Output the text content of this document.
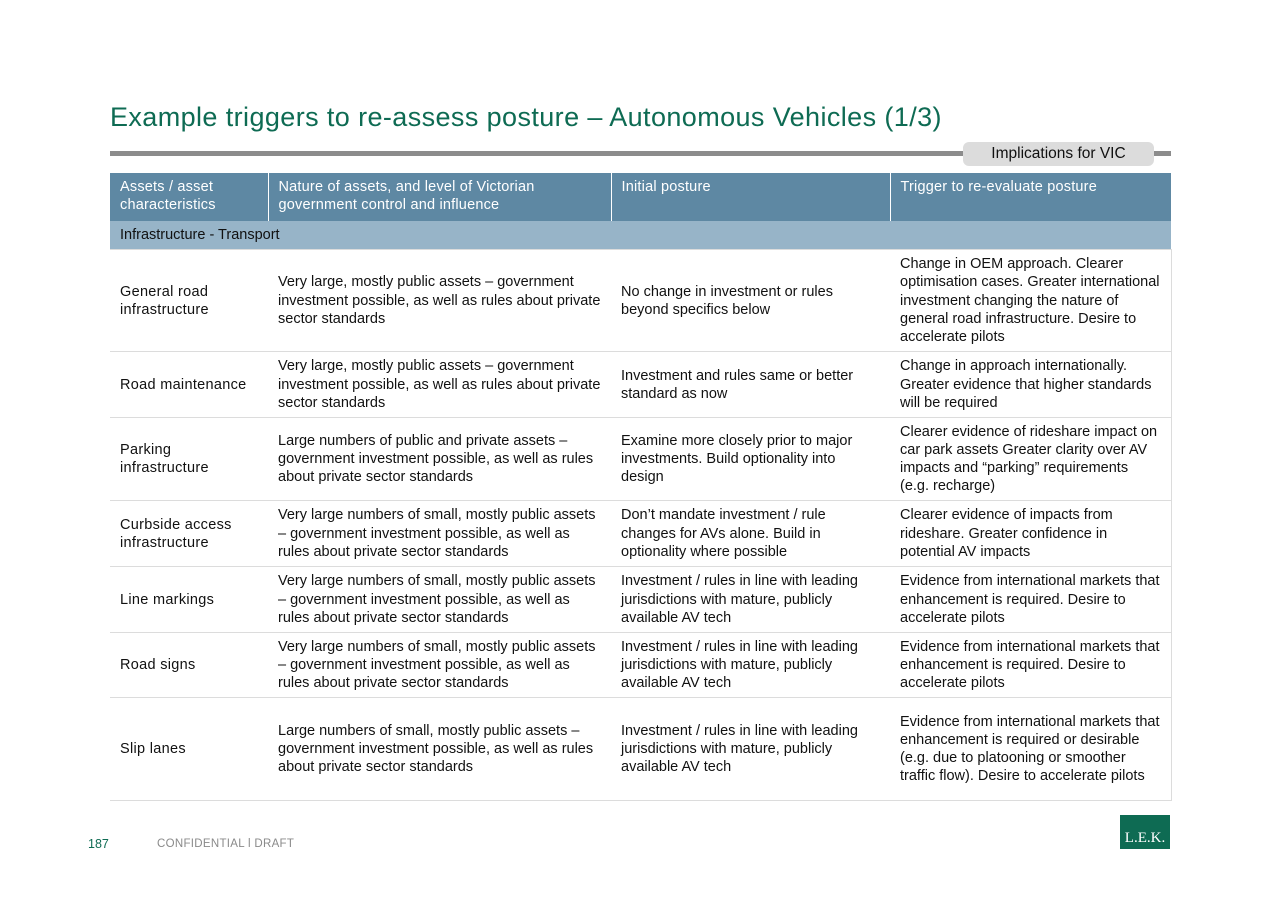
Example triggers to re-assess posture – Autonomous Vehicles (1/3)
Implications for VIC
Assets / asset characteristics	Nature of assets, and level of Victorian government control and influence	Initial posture	Trigger to re-evaluate posture
Infrastructure - Transport			
General road infrastructure	Very large, mostly public assets – government investment possible, as well as rules about private sector standards	No change in investment or rules beyond specifics below	Change in OEM approach. Clearer optimisation cases. Greater international investment changing the nature of general road infrastructure. Desire to accelerate pilots
Road maintenance	Very large, mostly public assets – government investment possible, as well as rules about private sector standards	Investment and rules same or better standard as now	Change in approach internationally. Greater evidence that higher standards will be required
Parking infrastructure	Large numbers of public and private assets – government investment possible, as well as rules about private sector standards	Examine more closely prior to major investments. Build optionality into design	Clearer evidence of rideshare impact on car park assets Greater clarity over AV impacts and “parking” requirements (e.g. recharge)
Curbside access infrastructure	Very large numbers of small, mostly public assets – government investment possible, as well as rules about private sector standards	Don’t mandate investment / rule changes for AVs alone. Build in optionality where possible	Clearer evidence of impacts from rideshare. Greater confidence in potential AV impacts
Line markings	Very large numbers of small, mostly public assets – government investment possible, as well as rules about private sector standards	Investment / rules in line with leading jurisdictions with mature, publicly available AV tech	Evidence from international markets that enhancement is required. Desire to accelerate pilots
Road signs	Very large numbers of small, mostly public assets – government investment possible, as well as rules about private sector standards	Investment / rules in line with leading jurisdictions with mature, publicly available AV tech	Evidence from international markets that enhancement is required. Desire to accelerate pilots
Slip lanes	Large numbers of small, mostly public assets – government investment possible, as well as rules about private sector standards	Investment / rules in line with leading jurisdictions with mature, publicly available AV tech	Evidence from international markets that enhancement is required or desirable (e.g. due to platooning or smoother traffic flow). Desire to accelerate pilots
187	CONFIDENTIAL l DRAFT	L.E.K.
